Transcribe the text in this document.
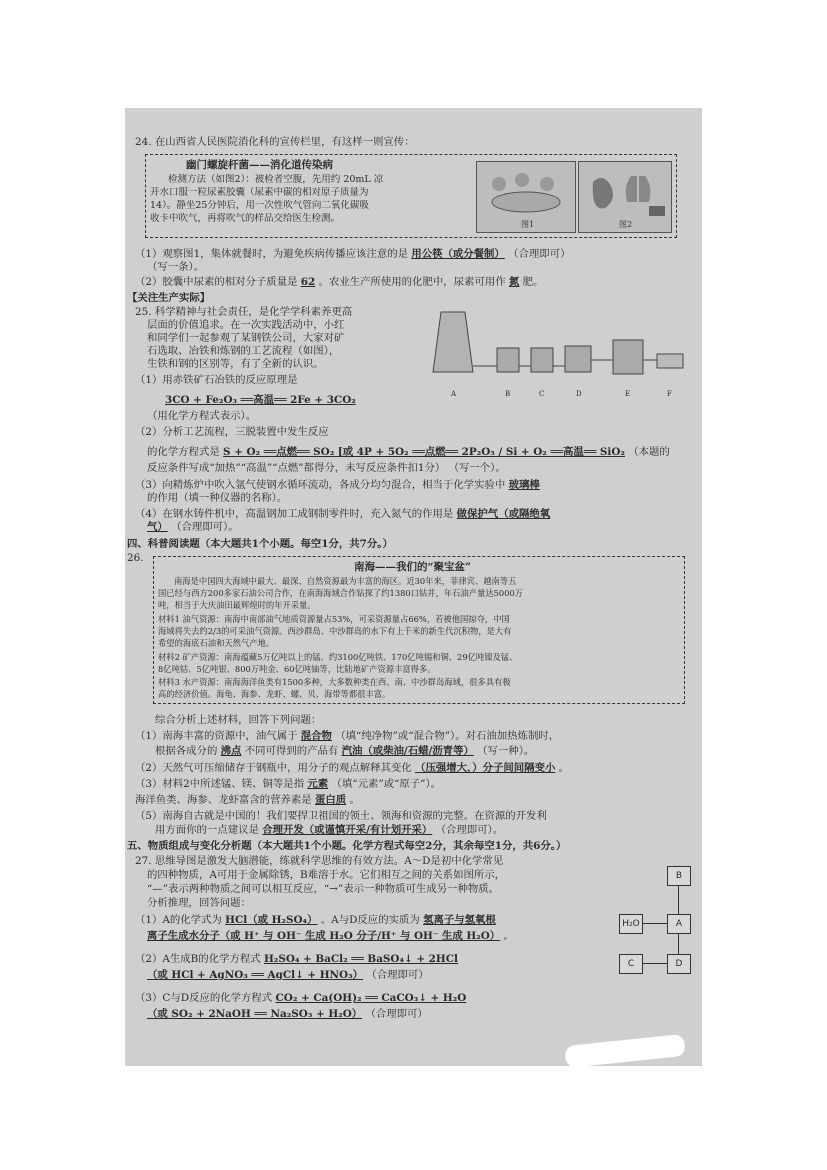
24. 在山西省人民医院消化科的宣传栏里，有这样一则宣传：
幽门螺旋杆菌——消化道传染病
检测方法（如图2）：被检者空腹，先用约 20mL 凉
开水口服一粒尿素胶囊（尿素中碳的相对原子质量为
14）。静坐25分钟后，用一次性吹气管向二氧化碳吸
收卡中吹气，再将吹气的样品交给医生检测。
图1	图2
（1）观察图1，集体就餐时，为避免疾病传播应该注意的是 用公筷（或分餐制） （合理即可）
（写一条）。
（2）胶囊中尿素的相对分子质量是 62 。农业生产所使用的化肥中，尿素可用作 氮 肥。
【关注生产实际】
25. 科学精神与社会责任，是化学学科素养更高
层面的价值追求。在一次实践活动中，小红
和同学们一起参观了某钢铁公司，大家对矿
石选取、冶铁和炼钢的工艺流程（如图），
生铁和钢的区别等，有了全新的认识。
A	B	C	D	E	F
（1）用赤铁矿石冶铁的反应原理是
3CO + Fe₂O₃ ══高温══ 2Fe + 3CO₂
（用化学方程式表示）。
（2）分析工艺流程，三脱装置中发生反应
的化学方程式是 S + O₂ ══点燃══ SO₂ [或 4P + 5O₂ ══点燃══ 2P₂O₅ / Si + O₂ ══高温══ SiO₂ （本题的
反应条件写成“加热”“高温”“点燃”都得分，未写反应条件扣1分） （写一个）。
（3）向精炼炉中吹入氩气使钢水循环流动，各成分均匀混合，相当于化学实验中 玻璃棒
的作用（填一种仪器的名称）。
（4）在钢水铸件机中，高温钢加工成钢制零件时，充入氮气的作用是 做保护气（或隔绝氧
气） （合理即可）。
四、科普阅读题（本大题共1个小题。每空1分，共7分。）
26.
南海——我们的“聚宝盆”
南海是中国四大海域中最大、最深、自然资源最为丰富的海区。近30年来，菲律宾、越南等五
国已经与西方200多家石油公司合作，在南海海域合作钻探了约1380口钻井，年石油产量达5000万
吨，相当于大庆油田最辉煌时的年开采量。
材料1 油气资源：南海中南部油气地质资源量占53%，可采资源量占66%，若被他国掠夺，中国
海域将失去约2/3的可采油气资源。西沙群岛、中沙群岛的水下有上千米的新生代沉积物，是大有
希望的海底石油和天然气产地。
材料2 矿产资源：南海蕴藏5万亿吨以上的锰、约3100亿吨铁、170亿吨锡和铜、29亿吨镍及锰、
8亿吨钴、5亿吨银、800万吨金、60亿吨铀等，比陆地矿产资源丰富得多。
材料3 水产资源：南海海洋鱼类有1500多种，大多数种类在西、南、中沙群岛海域，很多具有极
高的经济价值。海龟、海参、龙虾、螺、贝、海带等都很丰富。
综合分析上述材料，回答下列问题：
（1）南海丰富的资源中，油气属于 混合物 （填“纯净物”或“混合物”）。对石油加热炼制时，
根据各成分的 沸点 不同可得到的产品有 汽油（或柴油/石蜡/沥青等） （写一种）。
（2）天然气可压缩储存于钢瓶中，用分子的观点解释其变化 （压强增大，）分子间间隔变小 。
（3）材料2中所述锰、镁、铜等是指 元素 （填“元素”或“原子”）。
海洋鱼类、海参、龙虾富含的营养素是 蛋白质 。
（5）南海自古就是中国的！我们要捍卫祖国的领土、领海和资源的完整。在资源的开发利
用方面你的一点建议是 合理开发（或谨慎开采/有计划开采） （合理即可）。
五、物质组成与变化分析题（本大题共1个小题。化学方程式每空2分，其余每空1分，共6分。）
27. 思维导图是激发大脑潜能，练就科学思维的有效方法。A～D是初中化学常见
的四种物质，A可用于金属除锈，B难溶于水。它们相互之间的关系如图所示，
“—”表示两种物质之间可以相互反应，“→”表示一种物质可生成另一种物质。
分析推理，回答问题：
B
H₂O	A
C	D
（1）A的化学式为 HCl（或 H₂SO₄） 。A与D反应的实质为 氢离子与氢氧根
离子生成水分子（或 H⁺ 与 OH⁻ 生成 H₂O 分子/H⁺ 与 OH⁻ 生成 H₂O） 。
（2）A生成B的化学方程式 H₂SO₄ + BaCl₂ ══ BaSO₄↓ + 2HCl
（或 HCl + AgNO₃ ══ AgCl↓ + HNO₃） （合理即可）
（3）C与D反应的化学方程式 CO₂ + Ca(OH)₂ ══ CaCO₃↓ + H₂O
（或 SO₂ + 2NaOH ══ Na₂SO₃ + H₂O） （合理即可）
